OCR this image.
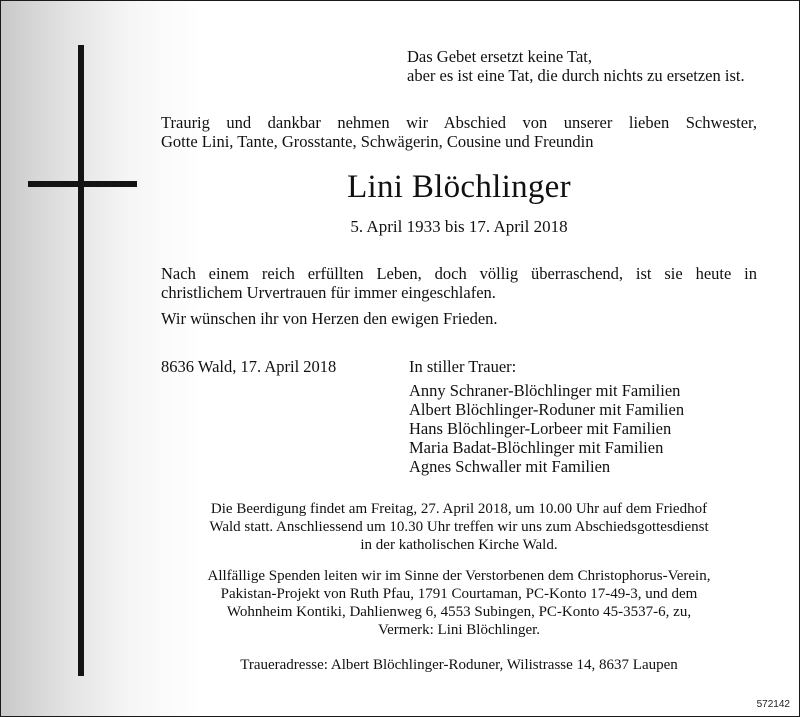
Das Gebet ersetzt keine Tat,
aber es ist eine Tat, die durch nichts zu ersetzen ist.
Traurig und dankbar nehmen wir Abschied von unserer lieben Schwester,
Gotte Lini, Tante, Grosstante, Schwägerin, Cousine und Freundin
Lini Blöchlinger
5. April 1933 bis 17. April 2018
Nach einem reich erfüllten Leben, doch völlig überraschend, ist sie heute in
christlichem Urvertrauen für immer eingeschlafen.
Wir wünschen ihr von Herzen den ewigen Frieden.
8636 Wald, 17. April 2018	In stiller Trauer:
Anny Schraner-Blöchlinger mit Familien
Albert Blöchlinger-Roduner mit Familien
Hans Blöchlinger-Lorbeer mit Familien
Maria Badat-Blöchlinger mit Familien
Agnes Schwaller mit Familien
Die Beerdigung findet am Freitag, 27. April 2018, um 10.00 Uhr auf dem Friedhof
Wald statt. Anschliessend um 10.30 Uhr treffen wir uns zum Abschiedsgottesdienst
in der katholischen Kirche Wald.
Allfällige Spenden leiten wir im Sinne der Verstorbenen dem Christophorus-Verein,
Pakistan-Projekt von Ruth Pfau, 1791 Courtaman, PC-Konto 17-49-3, und dem
Wohnheim Kontiki, Dahlienweg 6, 4553 Subingen, PC-Konto 45-3537-6, zu,
Vermerk: Lini Blöchlinger.
Traueradresse: Albert Blöchlinger-Roduner, Wilistrasse 14, 8637 Laupen
572142
